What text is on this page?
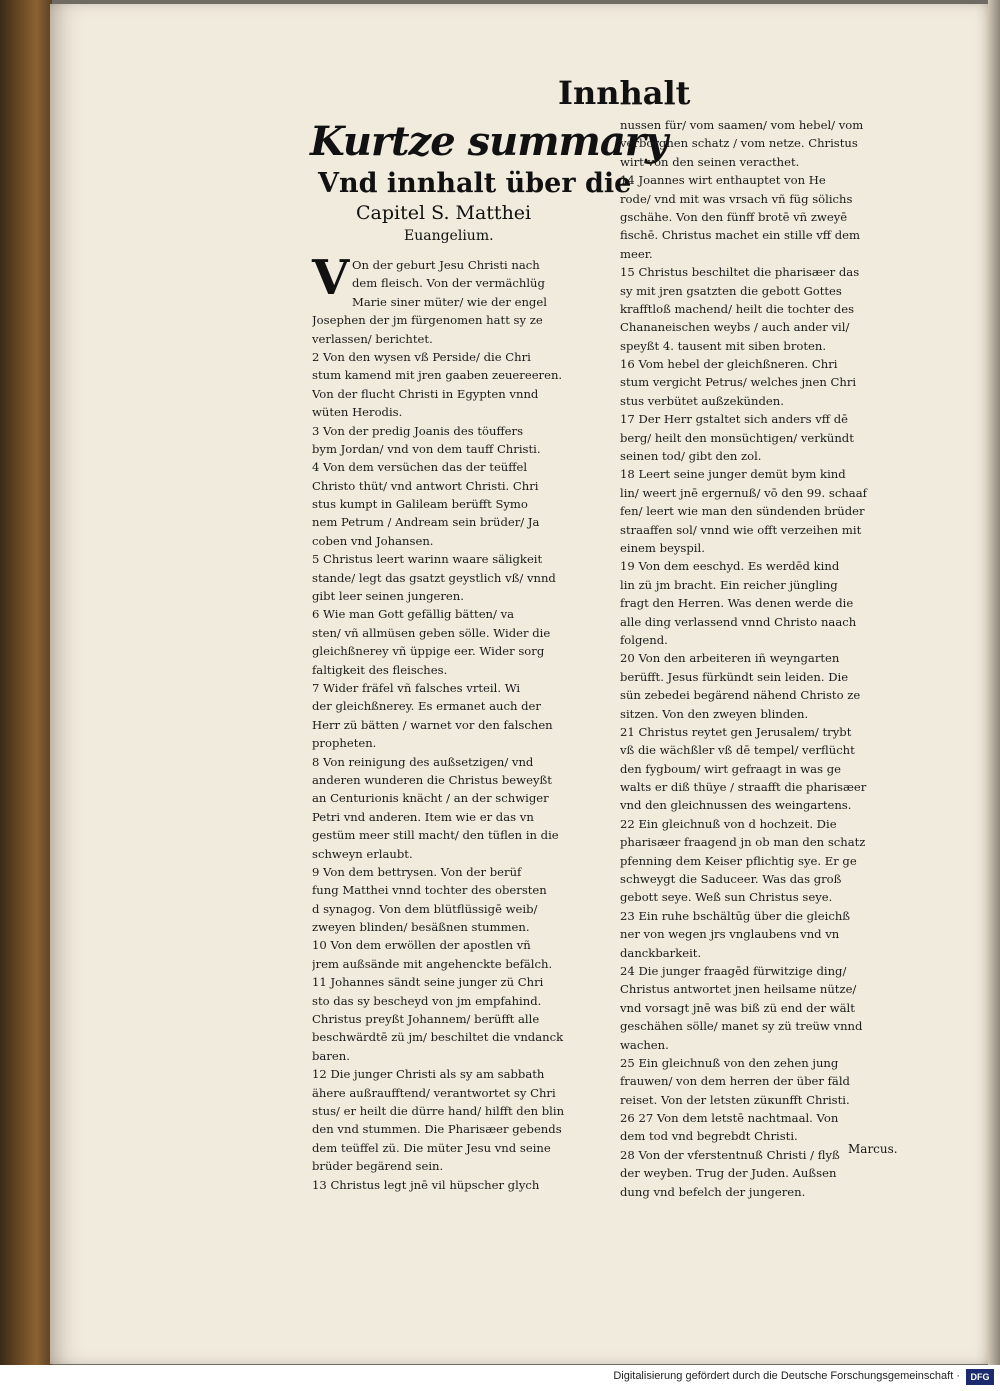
Innhalt
Kurtze summary
Vnd innhalt über die
Capitel S. Matthei
Euangelium.
V On der geburt Jesu Christi nach
dem fleisch. Von der vermächlüg
Marie siner müter/ wie der engel
Josephen der jm fürgenomen hatt sy ze
verlassen/ berichtet.
2 Von den wysen vß Perside/ die Chri
stum kamend mit jren gaaben zeuereeren.
Von der flucht Christi in Egypten vnnd
wüten Herodis.
3 Von der predig Joanis des töuffers
bym Jordan/ vnd von dem tauff Christi.
4 Von dem versüchen das der teüffel
Christo thüt/ vnd antwort Christi. Chri
stus kumpt in Galileam berüfft Symo
nem Petrum / Andream sein brüder/ Ja
coben vnd Johansen.
5 Christus leert warinn waare säligkeit
stande/ legt das gsatzt geystlich vß/ vnnd
gibt leer seinen jungeren.
6 Wie man Gott gefällig bätten/ va
sten/ vñ allmüsen geben sölle. Wider die
gleichßnerey vñ üppige eer. Wider sorg
faltigkeit des fleisches.
7 Wider fräfel vñ falsches vrteil. Wi
der gleichßnerey. Es ermanet auch der
Herr zü bätten / warnet vor den falschen
propheten.
8 Von reinigung des außsetzigen/ vnd
anderen wunderen die Christus beweyßt
an Centurionis knächt / an der schwiger
Petri vnd anderen. Item wie er das vn
gestüm meer still macht/ den tüflen in die
schweyn erlaubt.
9 Von dem bettrysen. Von der berüf
fung Matthei vnnd tochter des obersten
d synagog. Von dem blütflüssigē weib/
zweyen blinden/ besäßnen stummen.
10 Von dem erwöllen der apostlen vñ
jrem außsände mit angehenckte befälch.
11 Johannes sändt seine junger zü Chri
sto das sy bescheyd von jm empfahind.
Christus preyßt Johannem/ berüfft alle
beschwärdtē zü jm/ beschiltet die vndanck
baren.
12 Die junger Christi als sy am sabbath
ähere außraufftend/ verantwortet sy Chri
stus/ er heilt die dürre hand/ hilfft den blin
den vnd stummen. Die Pharisæer gebends
dem teüffel zü. Die müter Jesu vnd seine
brüder begärend sein.
13 Christus legt jnē vil hüpscher glych
nussen für/ vom saamen/ vom hebel/ vom
verborgnen schatz / vom netze. Christus
wirt von den seinen veracthet.
14 Joannes wirt enthauptet von He
rode/ vnd mit was vrsach vñ füg sölichs
gschähe. Von den fünff brotē vñ zweyē
fischē. Christus machet ein stille vff dem
meer.
15 Christus beschiltet die pharisæer das
sy mit jren gsatzten die gebott Gottes
krafftloß machend/ heilt die tochter des
Chananeischen weybs / auch ander vil/
speyßt 4. tausent mit siben broten.
16 Vom hebel der gleichßneren. Chri
stum vergicht Petrus/ welches jnen Chri
stus verbütet außzekünden.
17 Der Herr gstaltet sich anders vff dē
berg/ heilt den monsüchtigen/ verkündt
seinen tod/ gibt den zol.
18 Leert seine junger demüt bym kind
lin/ weert jnē ergernuß/ vō den 99. schaaf
fen/ leert wie man den sündenden brüder
straaffen sol/ vnnd wie offt verzeihen mit
einem beyspil.
19 Von dem eeschyd. Es werdēd kind
lin zü jm bracht. Ein reicher jüngling
fragt den Herren. Was denen werde die
alle ding verlassend vnnd Christo naach
folgend.
20 Von den arbeiteren iñ weyngarten
berüfft. Jesus fürkündt sein leiden. Die
sün zebedei begärend nähend Christo ze
sitzen. Von den zweyen blinden.
21 Christus reytet gen Jerusalem/ trybt
vß die wächßler vß dē tempel/ verflücht
den fygboum/ wirt gefraagt in was ge
walts er diß thüye / straafft die pharisæer
vnd den gleichnussen des weingartens.
22 Ein gleichnuß von d hochzeit. Die
pharisæer fraagend jn ob man den schatz
pfenning dem Keiser pflichtig sye. Er ge
schweygt die Saduceer. Was das groß
gebott seye. Weß sun Christus seye.
23 Ein ruhe bschältūg über die gleichß
ner von wegen jrs vnglaubens vnd vn
danckbarkeit.
24 Die junger fraagēd fürwitzige ding/
Christus antwortet jnen heilsame nütze/
vnd vorsagt jnē was biß zü end der wält
geschähen sölle/ manet sy zü treüw vnnd
wachen.
25 Ein gleichnuß von den zehen jung
frauwen/ von dem herren der über fäld
reiset. Von der letsten züкunfft Christi.
26 27 Von dem letstē nachtmaal. Von
dem tod vnd begrebdt Christi.
28 Von der vferstentnuß Christi / flyß
der weyben. Trug der Juden. Außsen
dung vnd befelch der jungeren.
Marcus.
Digitalisierung gefördert durch die Deutsche Forschungsgemeinschaft ·	DFG
